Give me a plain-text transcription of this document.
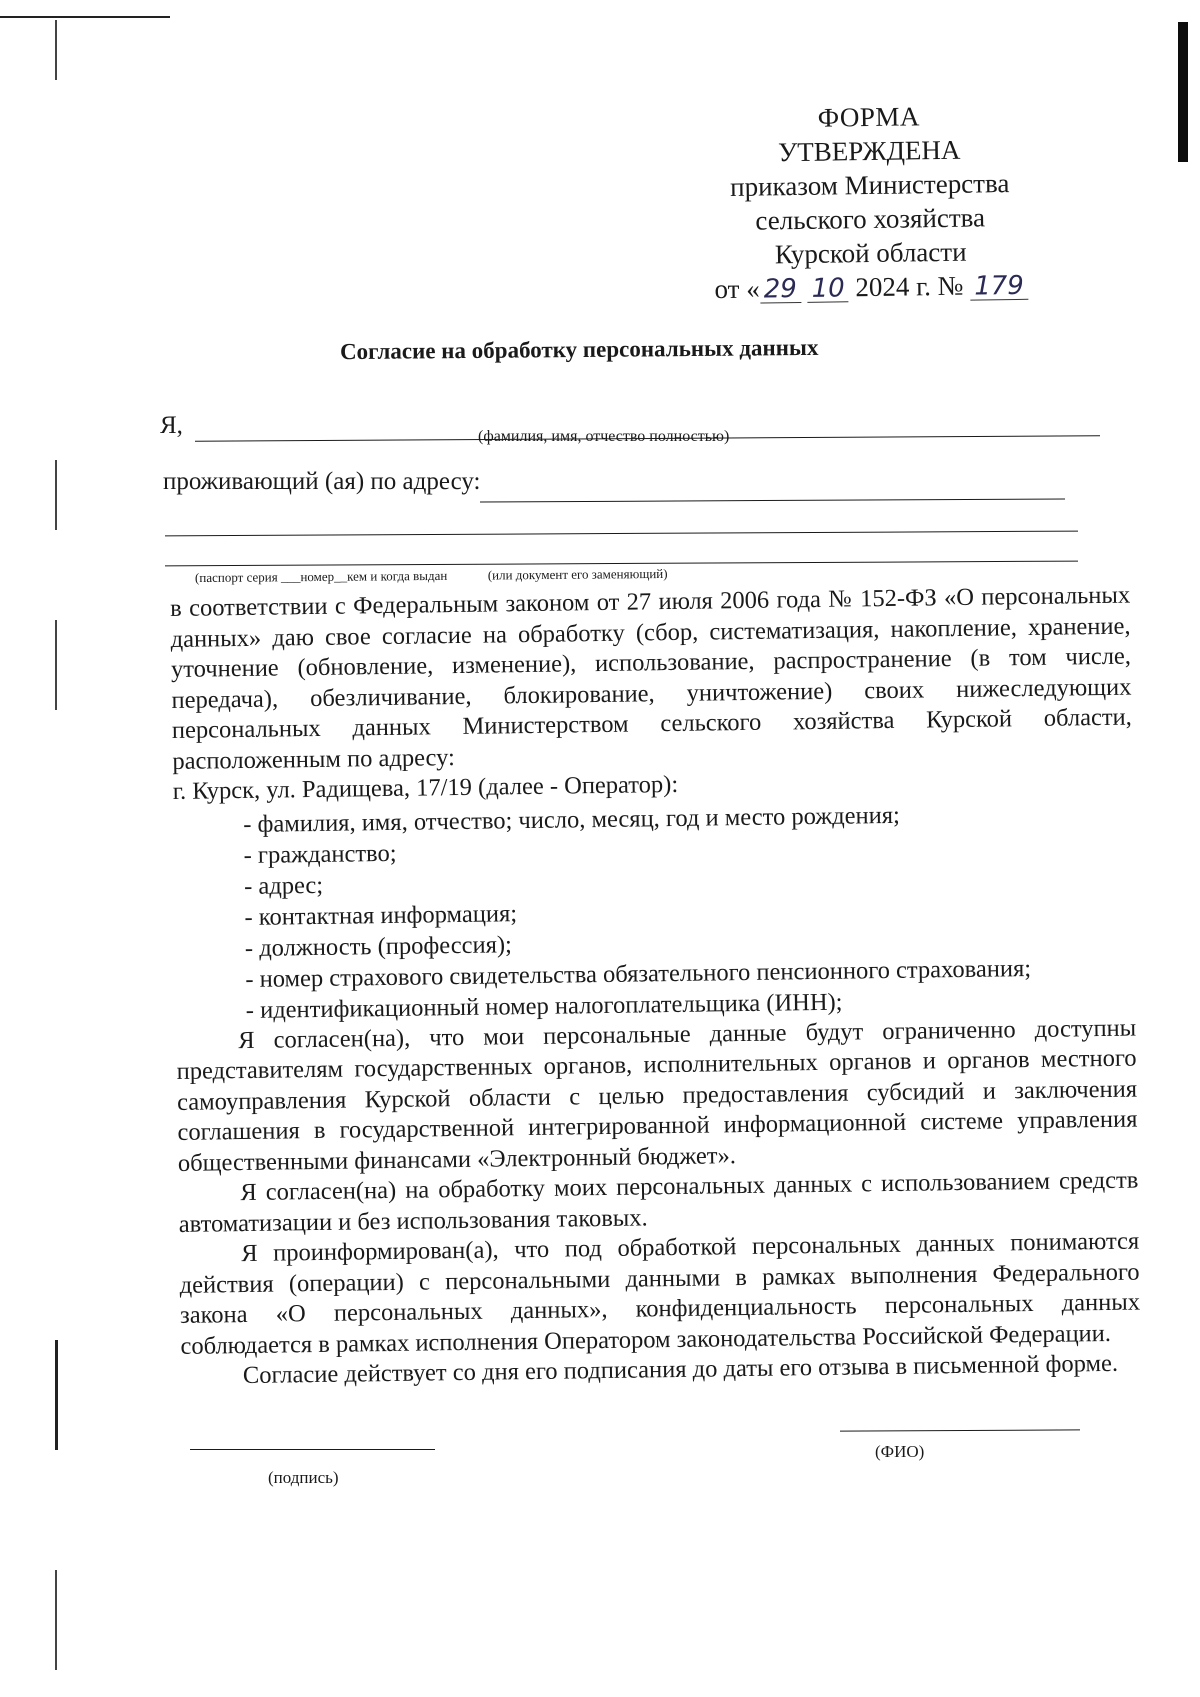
ФОРМА
УТВЕРЖДЕНА
приказом Министерства
сельского хозяйства
Курской области
от « 29 10 2024 г. № 179
Согласие на обработку персональных данных
Я,	(фамилия, имя, отчество полностью)
проживающий (ая) по адресу:
(паспорт серия ___номер__кем и когда выдан	(или документ его заменяющий)

в соответствии с Федеральным законом от 27 июля 2006 года № 152-ФЗ «О персональных данных» даю свое согласие на обработку (сбор, систематизация, накопление, хранение, уточнение (обновление, изменение), использование, распространение (в том числе, передача), обезличивание, блокирование, уничтожение) своих нижеследующих персональных данных Министерством сельского хозяйства Курской области, расположенным по адресу:

г. Курск, ул. Радищева, 17/19 (далее - Оператор):

- фамилия, имя, отчество; число, месяц, год и место рождения;
- гражданство;
- адрес;
- контактная информация;
- должность (профессия);
- номер страхового свидетельства обязательного пенсионного страхования;
- идентификационный номер налогоплательщика (ИНН);

Я согласен(на), что мои персональные данные будут ограниченно доступны представителям государственных органов, исполнительных органов и органов местного самоуправления Курской области с целью предоставления субсидий и заключения соглашения в государственной интегрированной информационной системе управления общественными финансами «Электронный бюджет».

Я согласен(на) на обработку моих персональных данных с использованием средств автоматизации и без использования таковых.

Я проинформирован(а), что под обработкой персональных данных понимаются действия (операции) с персональными данными в рамках выполнения Федерального закона «О персональных данных», конфиденциальность персональных данных соблюдается в рамках исполнения Оператором законодательства Российской Федерации.

Согласие действует со дня его подписания до даты его отзыва в письменной форме.

(подпись)
(ФИО)
